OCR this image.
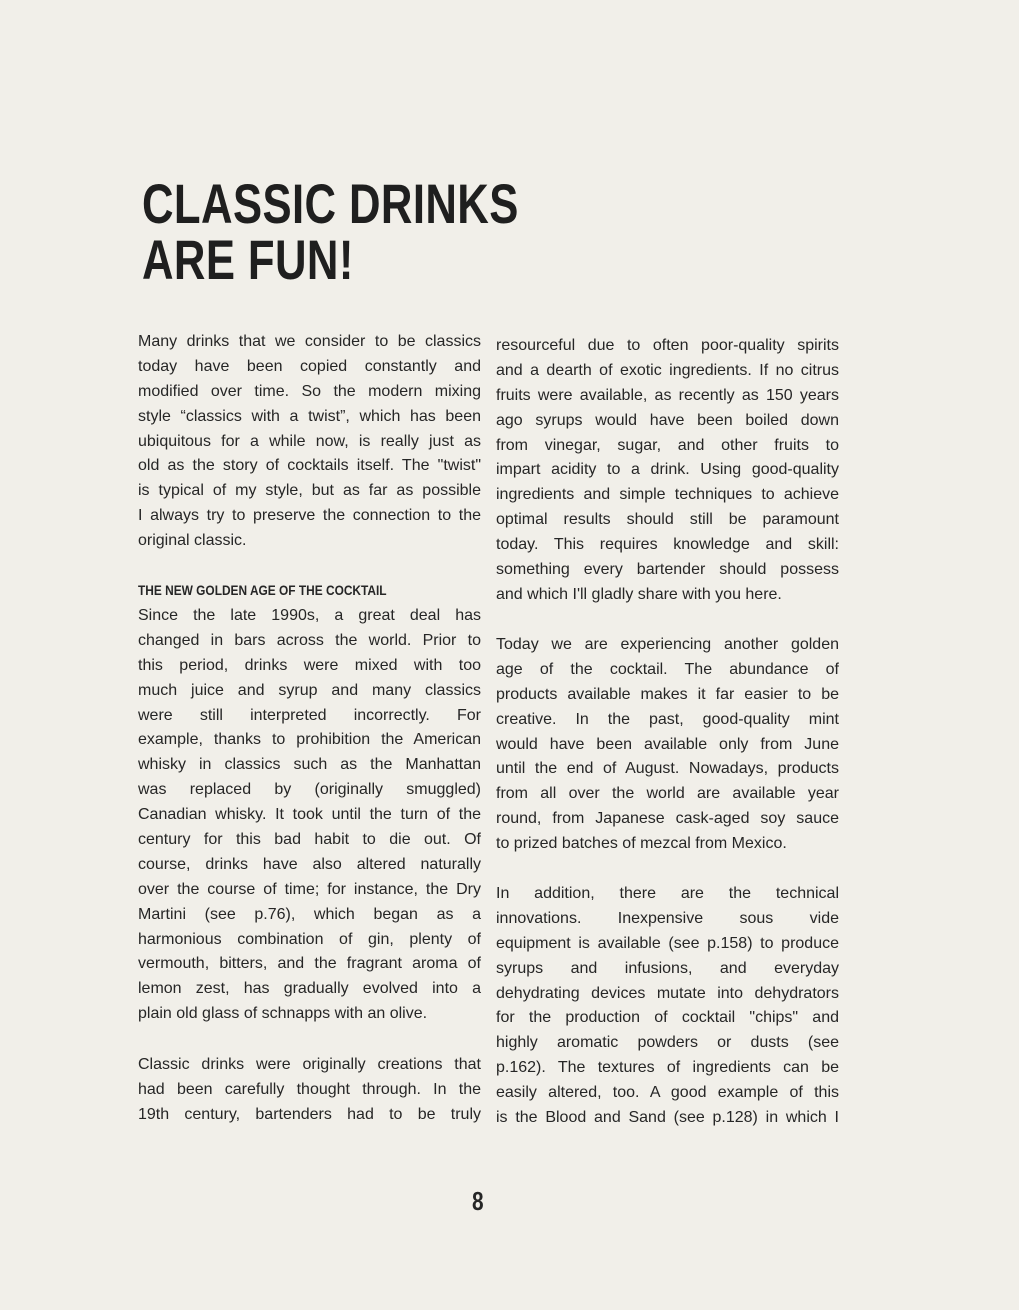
CLASSIC DRINKS
ARE FUN!
Many drinks that we consider to be classics
today have been copied constantly and
modified over time. So the modern mixing
style “classics with a twist”, which has been
ubiquitous for a while now, is really just as
old as the story of cocktails itself. The "twist"
is typical of my style, but as far as possible
I always try to preserve the connection to the
original classic.
THE NEW GOLDEN AGE OF THE COCKTAIL
Since the late 1990s, a great deal has
changed in bars across the world. Prior to
this period, drinks were mixed with too
much juice and syrup and many classics
were still interpreted incorrectly. For
example, thanks to prohibition the American
whisky in classics such as the Manhattan
was replaced by (originally smuggled)
Canadian whisky. It took until the turn of the
century for this bad habit to die out. Of
course, drinks have also altered naturally
over the course of time; for instance, the Dry
Martini (see p.76), which began as a
harmonious combination of gin, plenty of
vermouth, bitters, and the fragrant aroma of
lemon zest, has gradually evolved into a
plain old glass of schnapps with an olive.
Classic drinks were originally creations that
had been carefully thought through. In the
19th century, bartenders had to be truly
resourceful due to often poor-quality spirits
and a dearth of exotic ingredients. If no citrus
fruits were available, as recently as 150 years
ago syrups would have been boiled down
from vinegar, sugar, and other fruits to
impart acidity to a drink. Using good-quality
ingredients and simple techniques to achieve
optimal results should still be paramount
today. This requires knowledge and skill:
something every bartender should possess
and which I'll gladly share with you here.
Today we are experiencing another golden
age of the cocktail. The abundance of
products available makes it far easier to be
creative. In the past, good-quality mint
would have been available only from June
until the end of August. Nowadays, products
from all over the world are available year
round, from Japanese cask-aged soy sauce
to prized batches of mezcal from Mexico.
In addition, there are the technical
innovations. Inexpensive sous vide
equipment is available (see p.158) to produce
syrups and infusions, and everyday
dehydrating devices mutate into dehydrators
for the production of cocktail "chips" and
highly aromatic powders or dusts (see
p.162). The textures of ingredients can be
easily altered, too. A good example of this
is the Blood and Sand (see p.128) in which I
8
